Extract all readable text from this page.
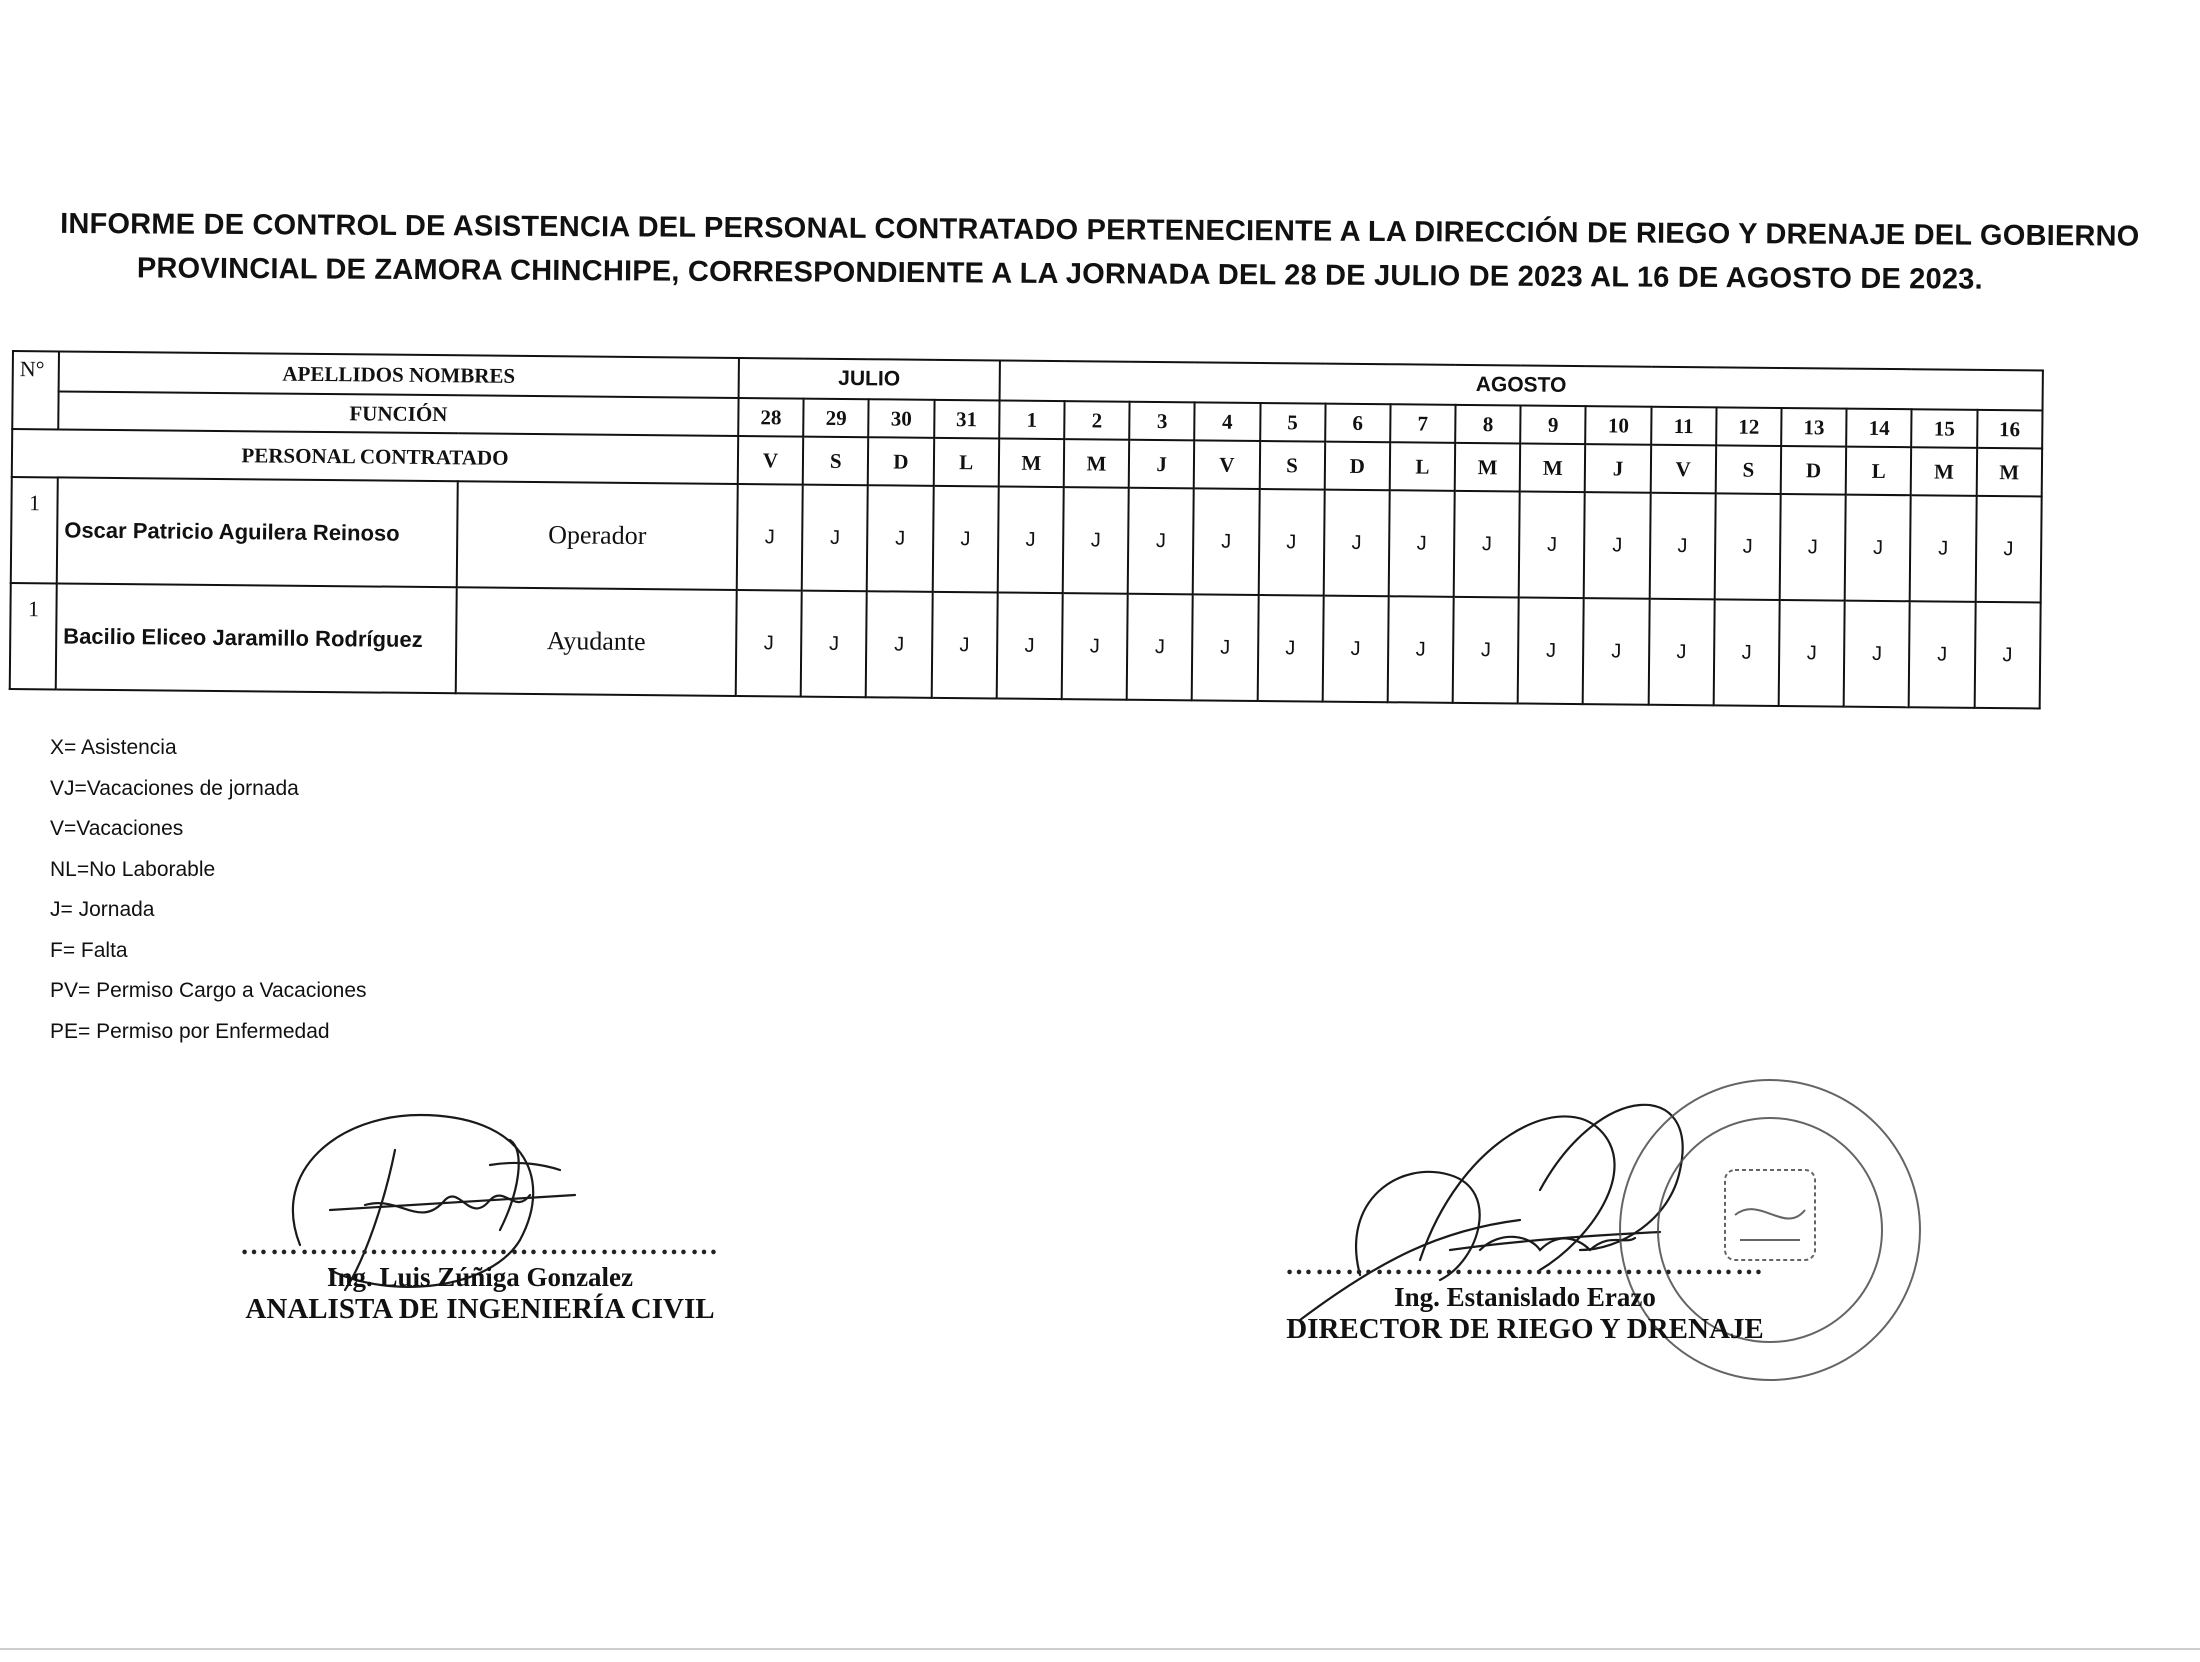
INFORME DE CONTROL DE ASISTENCIA DEL PERSONAL CONTRATADO PERTENECIENTE A LA DIRECCIÓN DE RIEGO Y DRENAJE DEL GOBIERNO
PROVINCIAL DE ZAMORA CHINCHIPE, CORRESPONDIENTE A LA JORNADA DEL 28 DE JULIO DE 2023 AL 16 DE AGOSTO DE 2023.
N°	APELLIDOS NOMBRES		JULIO				AGOSTO															
	FUNCIÓN		28	29	30	31	1	2	3	4	5	6	7	8	9	10	11	12	13	14	15	16
PERSONAL CONTRATADO			V	S	D	L	M	M	J	V	S	D	L	M	M	J	V	S	D	L	M	M
1	Oscar Patricio Aguilera Reinoso	Operador	J	J	J	J	J	J	J	J	J	J	J	J	J	J	J	J	J	J	J	J
1	Bacilio Eliceo Jaramillo Rodríguez	Ayudante	J	J	J	J	J	J	J	J	J	J	J	J	J	J	J	J	J	J	J	J
X= Asistencia
VJ=Vacaciones de jornada
V=Vacaciones
NL=No Laborable
J= Jornada
F= Falta
PV= Permiso Cargo a Vacaciones
PE= Permiso por Enfermedad
…………………………………………
Ing. Luis Zúñiga Gonzalez
ANALISTA DE INGENIERÍA CIVIL
…………………………………………
Ing. Estanislado Erazo
DIRECTOR DE RIEGO Y DRENAJE
